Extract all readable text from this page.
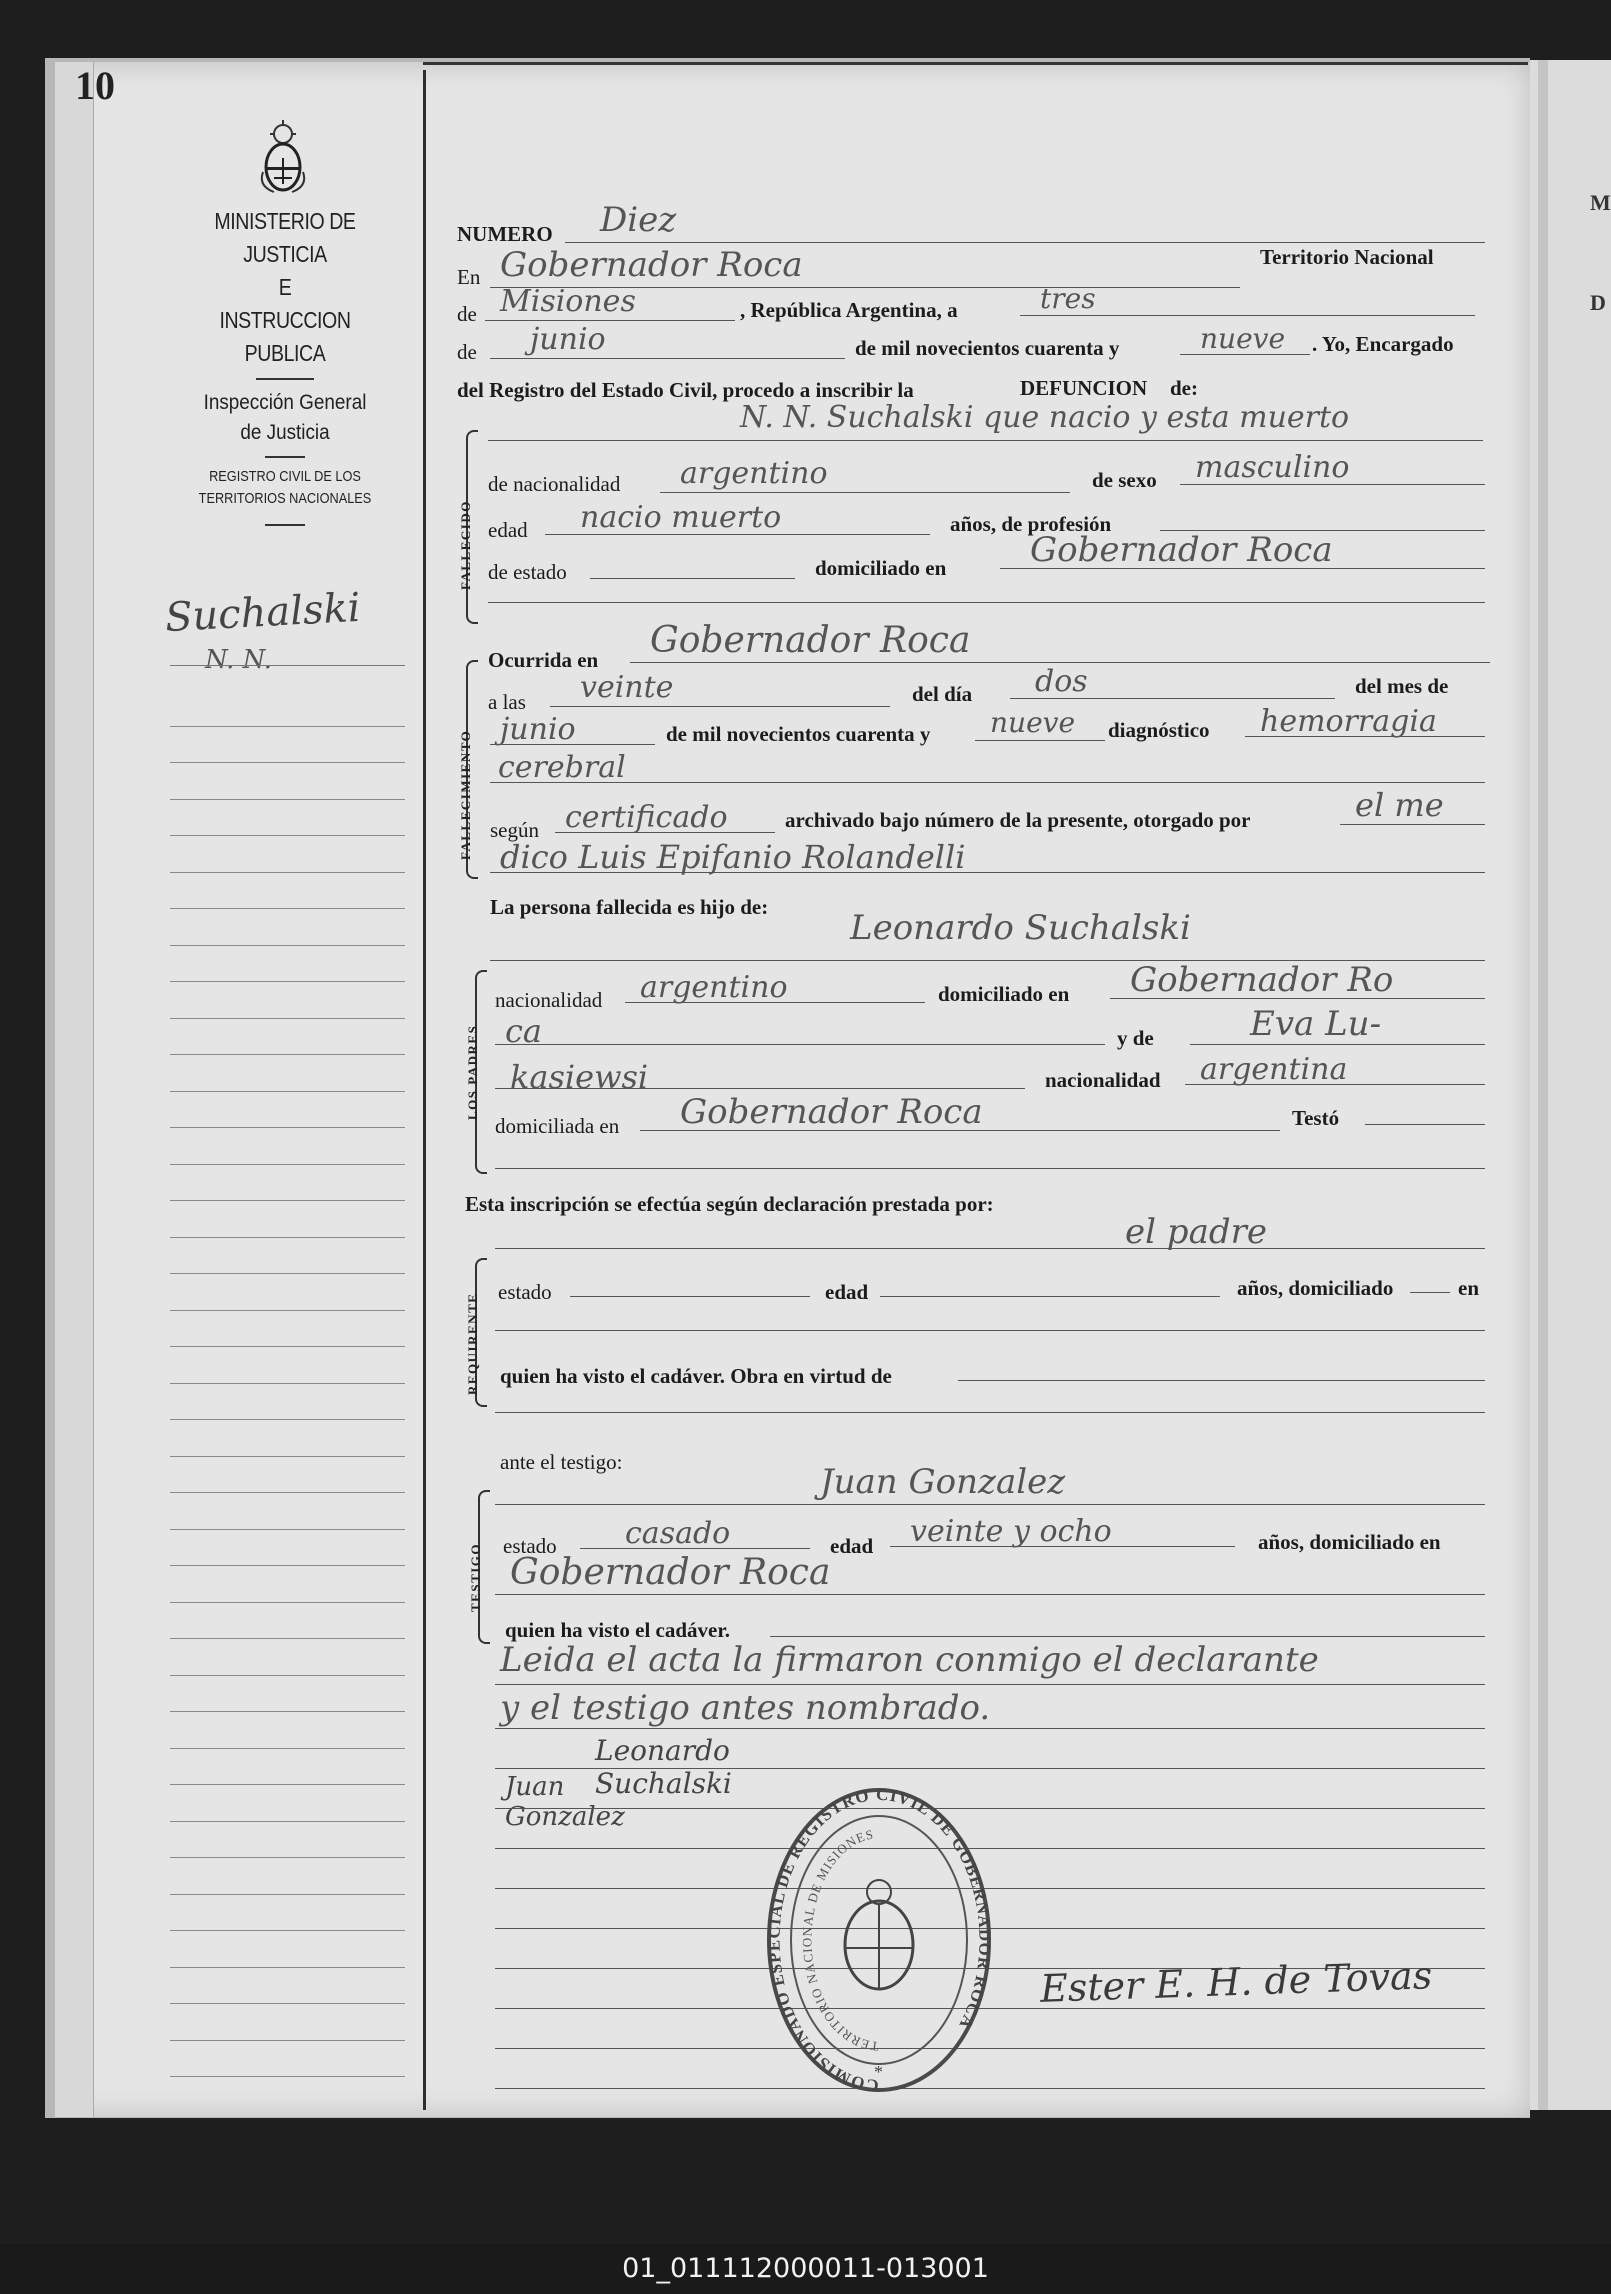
M
D
10
MINISTERIO DE JUSTICIA
E
INSTRUCCION PUBLICA
Inspección General
de Justicia
REGISTRO CIVIL DE LOS
TERRITORIOS NACIONALES
Suchalski
N. N.
NUMERO Diez
En Gobernador Roca	Territorio Nacional
de Misiones	, República Argentina, a	tres
de junio	de mil novecientos cuarenta y	nueve . Yo, Encargado
del Registro del Estado Civil, procedo a inscribir la	DEFUNCION de:
FALLECIDO
N. N. Suchalski que nacio y esta muerto
de nacionalidad argentino	de sexo masculino
edad nacio muerto	años, de profesión
de estado	domiciliado en Gobernador Roca
FALLECIMIENTO
Ocurrida en Gobernador Roca
a las veinte	del día dos	del mes de
junio	de mil novecientos cuarenta y nueve diagnóstico hemorragia
cerebral
según certificado	archivado bajo número de la presente, otorgado por	el me
dico Luis Epifanio Rolandelli
La persona fallecida es hijo de:
Leonardo Suchalski
LOS PADRES
nacionalidad argentino	domiciliado en Gobernador Ro
ca	y de	Eva Lu-
kasiewsi	nacionalidad argentina
domiciliada en Gobernador Roca	Testó
Esta inscripción se efectúa según declaración prestada por:
el padre
REQUIRENTE
estado	edad	años, domiciliado	en
quien ha visto el cadáver. Obra en virtud de
ante el testigo:	Juan Gonzalez
TESTIGO estado casado	edad veinte y ocho	años, domiciliado en
Gobernador Roca
quien ha visto el cadáver.
Leida el acta la firmaron conmigo el declarante
y el testigo antes nombrado.
Leonardo Suchalski
Juan Gonzalez
COMISIONADO ESPECIAL DE REGISTRO CIVIL DE GOBERNADOR ROCA
TERRITORIO NACIONAL DE MISIONES
*
Ester E. H. de Tovas
01_011112000011-013001
